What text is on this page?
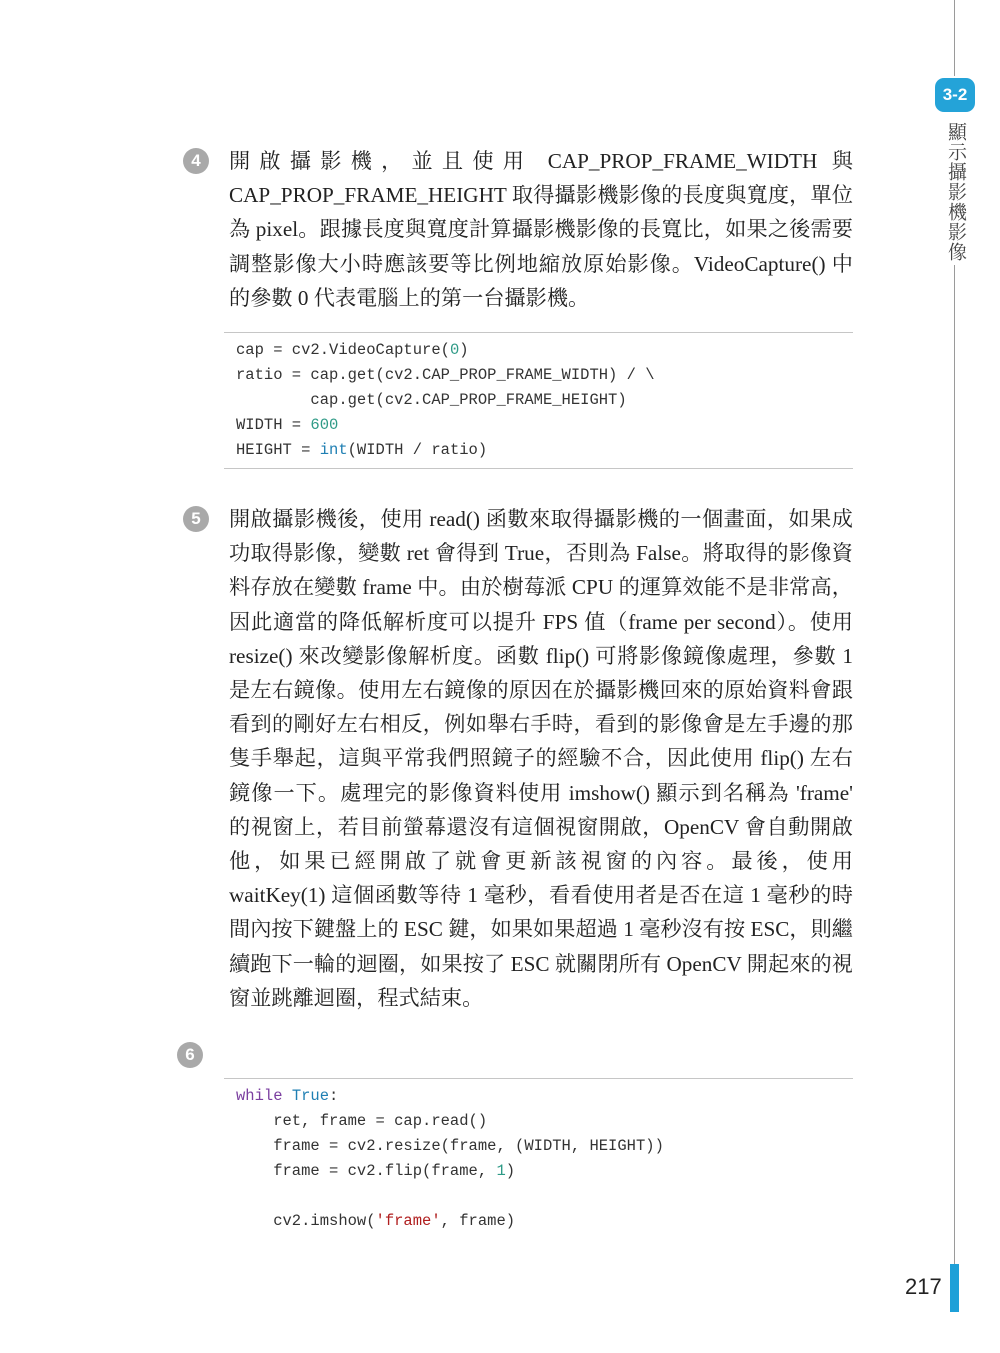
3-2
顯示攝影機影像
217
4	開啟攝影機，並且使用 CAP_PROP_FRAME_WIDTH 與 CAP_PROP_FRAME_HEIGHT 取得攝影機影像的長度與寬度，單位為 pixel。跟據長度與寬度計算攝影機影像的長寬比，如果之後需要調整影像大小時應該要等比例地縮放原始影像。VideoCapture() 中的參數 0 代表電腦上的第一台攝影機。

cap = cv2.VideoCapture(0)
ratio = cap.get(cv2.CAP_PROP_FRAME_WIDTH) / \
cap.get(cv2.CAP_PROP_FRAME_HEIGHT)
WIDTH = 600
HEIGHT = int(WIDTH / ratio)
5	開啟攝影機後，使用 read() 函數來取得攝影機的一個畫面，如果成功取得影像，變數 ret 會得到 True，否則為 False。將取得的影像資料存放在變數 frame 中。由於樹莓派 CPU 的運算效能不是非常高，因此適當的降低解析度可以提升 FPS 值（frame per second）。使用 resize() 來改變影像解析度。函數 flip() 可將影像鏡像處理，參數 1 是左右鏡像。使用左右鏡像的原因在於攝影機回來的原始資料會跟看到的剛好左右相反，例如舉右手時，看到的影像會是左手邊的那隻手舉起，這與平常我們照鏡子的經驗不合，因此使用 flip() 左右鏡像一下。處理完的影像資料使用 imshow() 顯示到名稱為 'frame' 的視窗上，若目前螢幕還沒有這個視窗開啟，OpenCV 會自動開啟他，如果已經開啟了就會更新該視窗的內容。最後，使用 waitKey(1) 這個函數等待 1 毫秒，看看使用者是否在這 1 毫秒的時間內按下鍵盤上的 ESC 鍵，如果如果超過 1 毫秒沒有按 ESC，則繼續跑下一輪的迴圈，如果按了 ESC 就關閉所有 OpenCV 開起來的視窗並跳離迴圈，程式結束。

6
while True:
ret, frame = cap.read()
frame = cv2.resize(frame, (WIDTH, HEIGHT))
frame = cv2.flip(frame, 1)
cv2.imshow('frame', frame)
